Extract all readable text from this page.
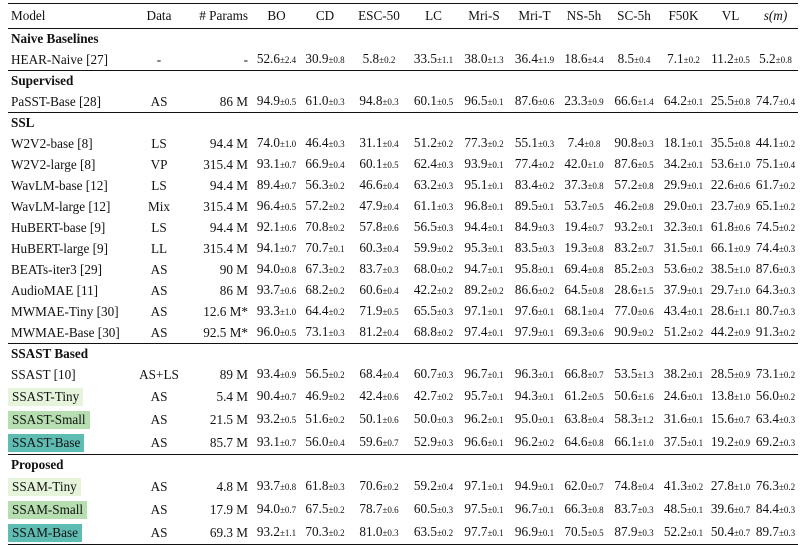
Model	Data	# Params	BO	CD	ESC-50	LC	Mri-S	Mri-T	NS-5h	SC-5h	F50K	VL	s(m)
Naive Baselines													
HEAR-Naive [27]	-	-	52.6±2.4	30.9±0.8	5.8±0.2	33.5±1.1	38.0±1.3	36.4±1.9	18.6±4.4	8.5±0.4	7.1±0.2	11.2±0.5	5.2±0.8
Supervised													
PaSST-Base [28]	AS	86 M	94.9±0.5	61.0±0.3	94.8±0.3	60.1±0.5	96.5±0.1	87.6±0.6	23.3±0.9	66.6±1.4	64.2±0.1	25.5±0.8	74.7±0.4
SSL													
W2V2-base [8]	LS	94.4 M	74.0±1.0	46.4±0.3	31.1±0.4	51.2±0.2	77.3±0.2	55.1±0.3	7.4±0.8	90.8±0.3	18.1±0.1	35.5±0.8	44.1±0.2
W2V2-large [8]	VP	315.4 M	93.1±0.7	66.9±0.4	60.1±0.5	62.4±0.3	93.9±0.1	77.4±0.2	42.0±1.0	87.6±0.5	34.2±0.1	53.6±1.0	75.1±0.4
WavLM-base [12]	LS	94.4 M	89.4±0.7	56.3±0.2	46.6±0.4	63.2±0.3	95.1±0.1	83.4±0.2	37.3±0.8	57.2±0.8	29.9±0.1	22.6±0.6	61.7±0.2
WavLM-large [12]	Mix	315.4 M	96.4±0.5	57.2±0.2	47.9±0.4	61.1±0.3	96.8±0.1	89.5±0.1	53.7±0.5	46.2±0.8	29.0±0.1	23.7±0.9	65.1±0.2
HuBERT-base [9]	LS	94.4 M	92.1±0.6	70.8±0.2	57.8±0.6	56.5±0.3	94.4±0.1	84.9±0.3	19.4±0.7	93.2±0.1	32.3±0.1	61.8±0.6	74.5±0.2
HuBERT-large [9]	LL	315.4 M	94.1±0.7	70.7±0.1	60.3±0.4	59.9±0.2	95.3±0.1	83.5±0.3	19.3±0.8	83.2±0.7	31.5±0.1	66.1±0.9	74.4±0.3
BEATs-iter3 [29]	AS	90 M	94.0±0.8	67.3±0.2	83.7±0.3	68.0±0.2	94.7±0.1	95.8±0.1	69.4±0.8	85.2±0.3	53.6±0.2	38.5±1.0	87.6±0.3
AudioMAE [11]	AS	86 M	93.7±0.6	68.2±0.2	60.6±0.4	42.2±0.2	89.2±0.2	86.6±0.2	64.5±0.8	28.6±1.5	37.9±0.1	29.7±1.0	64.3±0.3
MWMAE-Tiny [30]	AS	12.6 M*	93.3±1.0	64.4±0.2	71.9±0.5	65.5±0.3	97.1±0.1	97.6±0.1	68.1±0.4	77.0±0.6	43.4±0.1	28.6±1.1	80.7±0.3
MWMAE-Base [30]	AS	92.5 M*	96.0±0.5	73.1±0.3	81.2±0.4	68.8±0.2	97.4±0.1	97.9±0.1	69.3±0.6	90.9±0.2	51.2±0.2	44.2±0.9	91.3±0.2
SSAST Based													
SSAST [10]	AS+LS	89 M	93.4±0.9	56.5±0.2	68.4±0.4	60.7±0.3	96.7±0.1	96.3±0.1	66.8±0.7	53.5±1.3	38.2±0.1	28.5±0.9	73.1±0.2
SSAST-Tiny	AS	5.4 M	90.4±0.7	46.9±0.2	42.4±0.6	42.7±0.2	95.7±0.1	94.3±0.1	61.2±0.5	50.6±1.6	24.6±0.1	13.8±1.0	56.0±0.2
SSAST-Small	AS	21.5 M	93.2±0.5	51.6±0.2	50.1±0.6	50.0±0.3	96.2±0.1	95.0±0.1	63.8±0.4	58.3±1.2	31.6±0.1	15.6±0.7	63.4±0.3
SSAST-Base	AS	85.7 M	93.1±0.7	56.0±0.4	59.6±0.7	52.9±0.3	96.6±0.1	96.2±0.2	64.6±0.8	66.1±1.0	37.5±0.1	19.2±0.9	69.2±0.3
Proposed													
SSAM-Tiny	AS	4.8 M	93.7±0.8	61.8±0.3	70.6±0.2	59.2±0.4	97.1±0.1	94.9±0.1	62.0±0.7	74.8±0.4	41.3±0.2	27.8±1.0	76.3±0.2
SSAM-Small	AS	17.9 M	94.0±0.7	67.5±0.2	78.7±0.6	60.5±0.3	97.5±0.1	96.7±0.1	66.3±0.8	83.7±0.3	48.5±0.1	39.6±0.7	84.4±0.3
SSAM-Base	AS	69.3 M	93.2±1.1	70.3±0.2	81.0±0.3	63.5±0.2	97.7±0.1	96.9±0.1	70.5±0.5	87.9±0.3	52.2±0.1	50.4±0.7	89.7±0.3
